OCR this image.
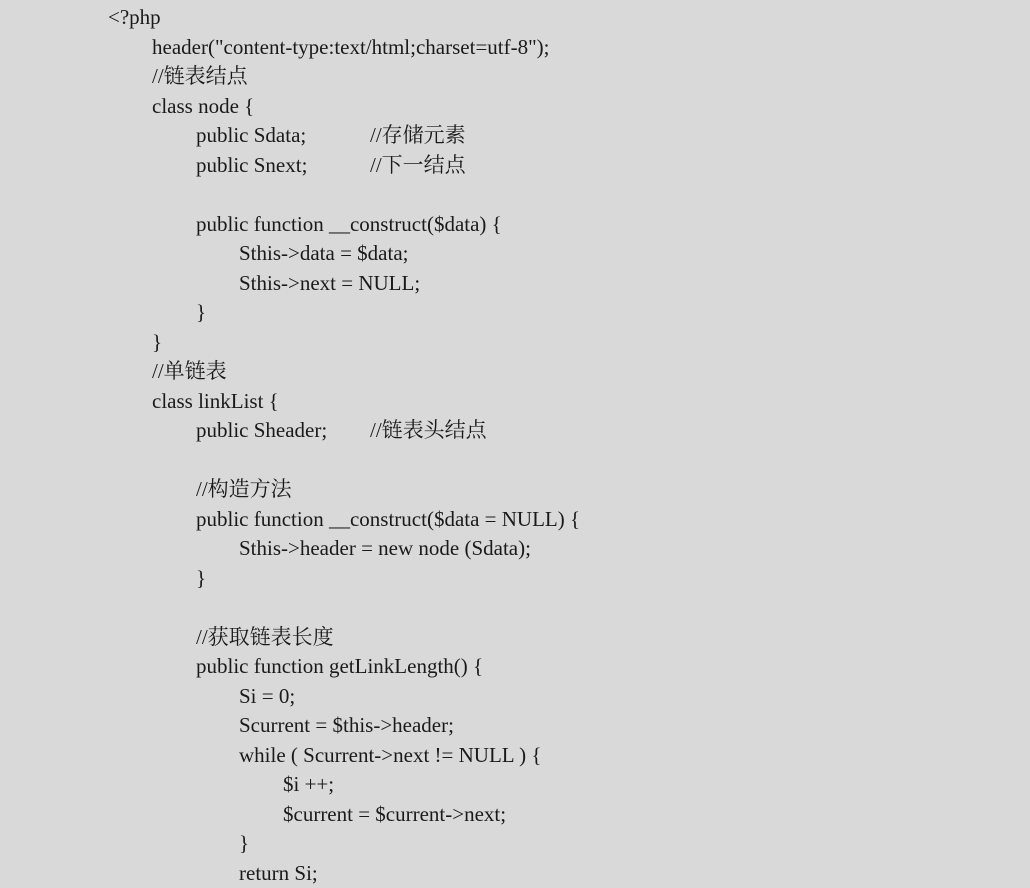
<?php
header("content-type:text/html;charset=utf-8");
//链表结点
class node {
public Sdata;	//存储元素
public Snext;	//下一结点
public function __construct($data) {
Sthis->data = $data;
Sthis->next = NULL;
}
}
//单链表
class linkList {
public Sheader; //链表头结点
//构造方法
public function __construct($data = NULL) {
Sthis->header = new node (Sdata);
}
//获取链表长度
public function getLinkLength() {
Si = 0;
Scurrent = $this->header;
while ( Scurrent->next != NULL ) {
$i ++;
$current = $current->next;
}
return Si;
